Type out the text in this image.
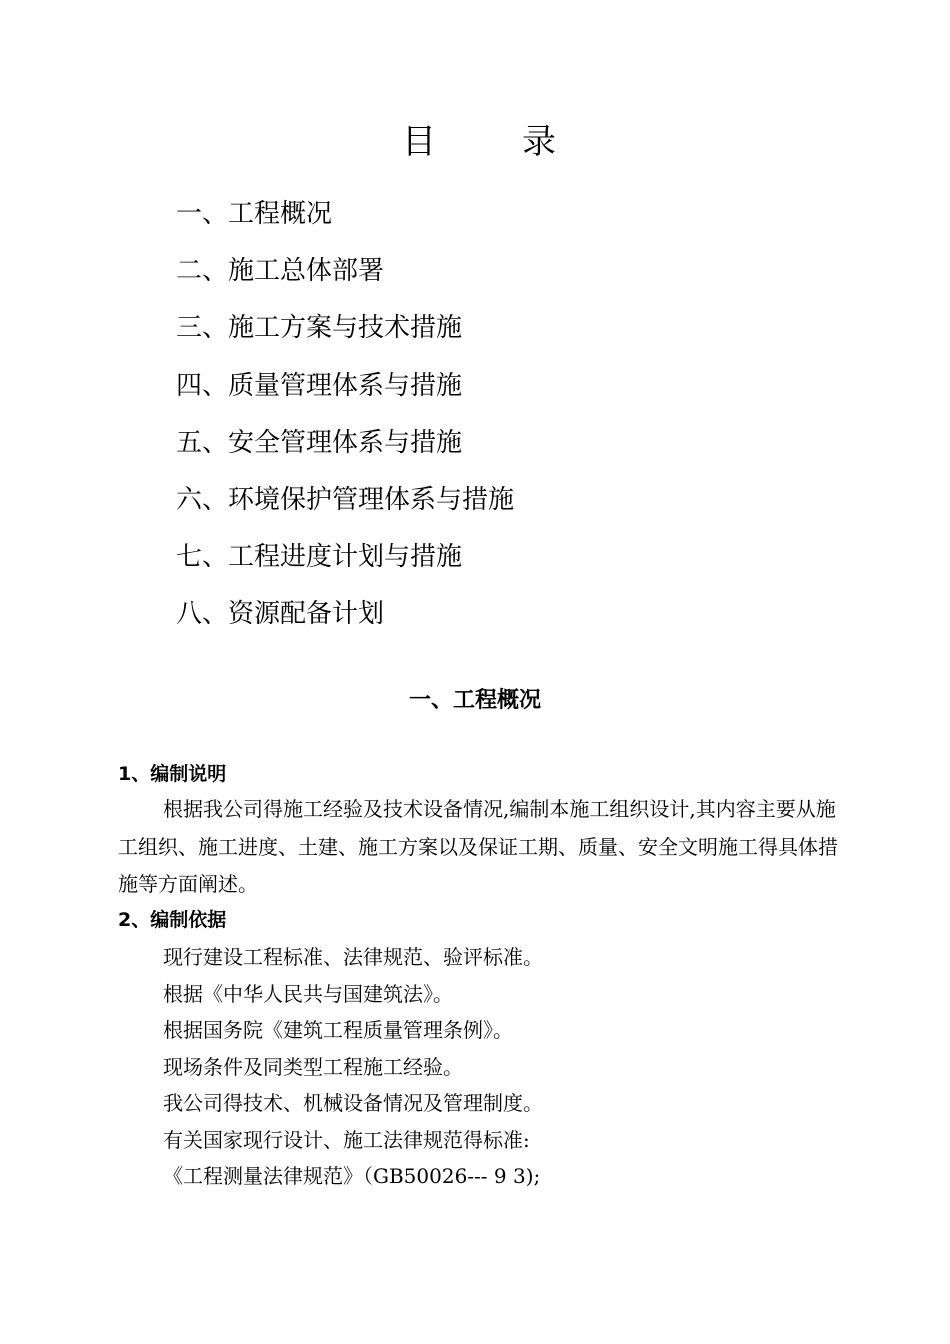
目	录
一、工程概况
二、施工总体部署
三、施工方案与技术措施
四、质量管理体系与措施
五、安全管理体系与措施
六、环境保护管理体系与措施
七、工程进度计划与措施
八、资源配备计划
一、工程概况
1、编制说明
根据我公司得施工经验及技术设备情况,编制本施工组织设计,其内容主要从施工组织、施工进度、土建、施工方案以及保证工期、质量、安全文明施工得具体措施等方面阐述。
2、编制依据
现行建设工程标准、法律规范、验评标准。
根据《中华人民共与国建筑法》。
根据国务院《建筑工程质量管理条例》。
现场条件及同类型工程施工经验。
我公司得技术、机械设备情况及管理制度。
有关国家现行设计、施工法律规范得标准:
《工程测量法律规范》（GB50026--- 9 3);
